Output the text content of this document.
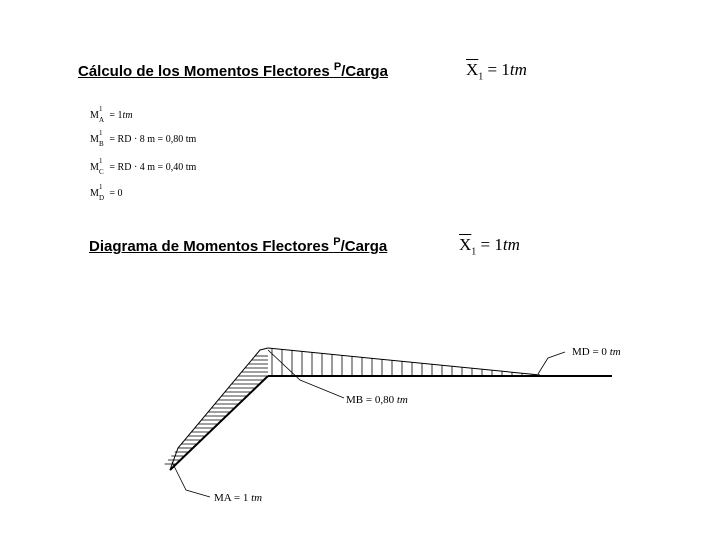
Cálculo de los Momentos Flectores $^P$/Carga	$\overline{X}_1 = 1tm$
M
1
A = 1tm
M
1
B = RD · 8 m = 0,80 tm
M
1
C = RD · 4 m = 0,40 tm
M
1
D = 0
Diagrama de Momentos Flectores $^P$/Carga	$\overline{X}_1 = 1tm$
MD = 0 tm
MB = 0,80 tm
MA = 1 tm
